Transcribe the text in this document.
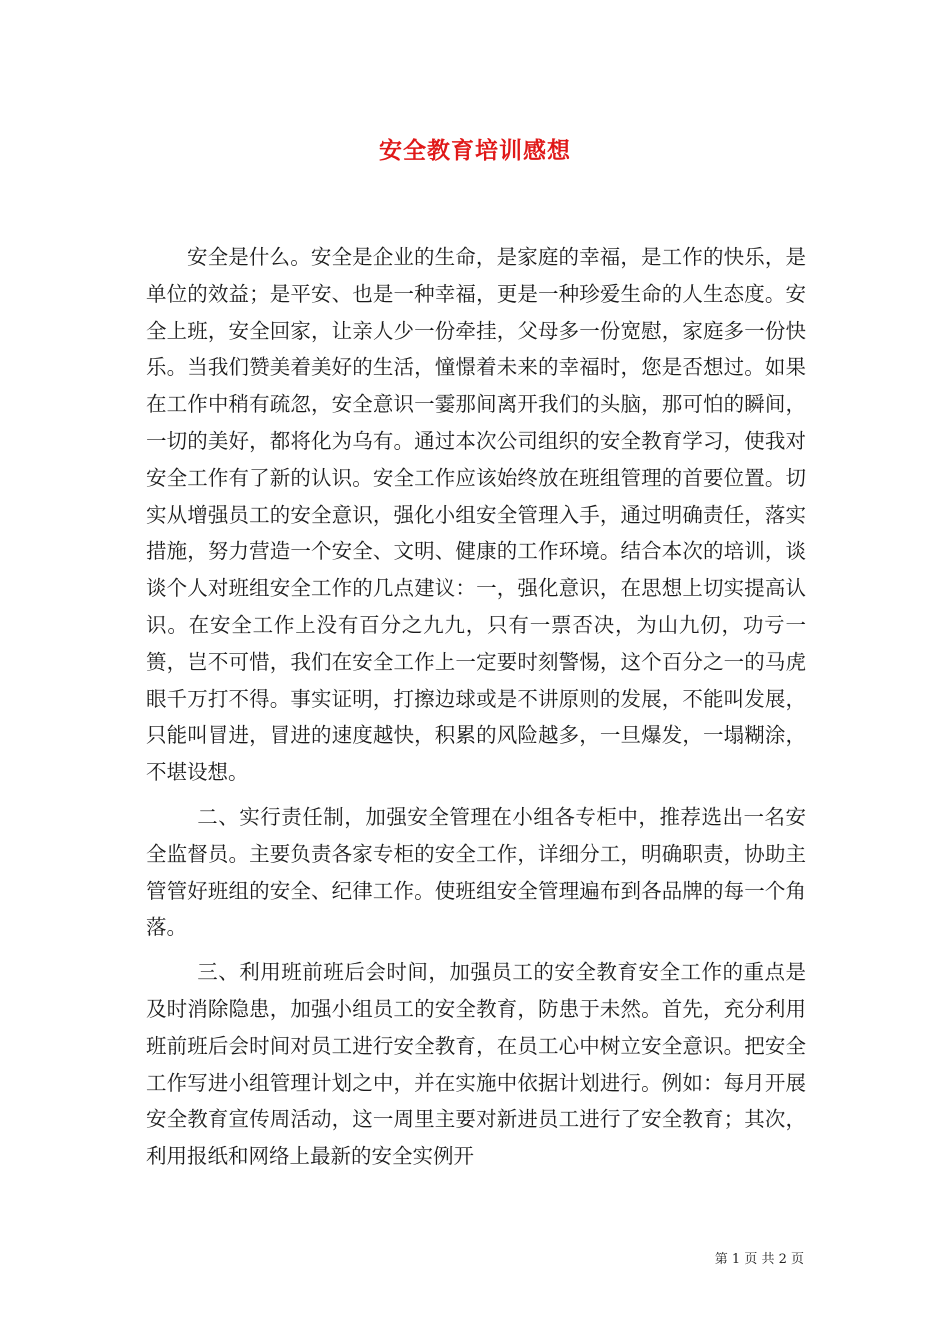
安全教育培训感想

安全是什么。安全是企业的生命，是家庭的幸福，是工作的快乐，是单位的效益；是平安、也是一种幸福，更是一种珍爱生命的人生态度。安全上班，安全回家，让亲人少一份牵挂，父母多一份宽慰，家庭多一份快乐。当我们赞美着美好的生活，憧憬着未来的幸福时，您是否想过。如果在工作中稍有疏忽，安全意识一霎那间离开我们的头脑，那可怕的瞬间，一切的美好，都将化为乌有。通过本次公司组织的安全教育学习，使我对安全工作有了新的认识。安全工作应该始终放在班组管理的首要位置。切实从增强员工的安全意识，强化小组安全管理入手，通过明确责任，落实措施，努力营造一个安全、文明、健康的工作环境。结合本次的培训，谈谈个人对班组安全工作的几点建议：一，强化意识，在思想上切实提高认识。在安全工作上没有百分之九九，只有一票否决，为山九仞，功亏一篑，岂不可惜，我们在安全工作上一定要时刻警惕，这个百分之一的马虎眼千万打不得。事实证明，打擦边球或是不讲原则的发展，不能叫发展，只能叫冒进，冒进的速度越快，积累的风险越多，一旦爆发，一塌糊涂，不堪设想。

二、实行责任制，加强安全管理在小组各专柜中，推荐选出一名安全监督员。主要负责各家专柜的安全工作，详细分工，明确职责，协助主管管好班组的安全、纪律工作。使班组安全管理遍布到各品牌的每一个角落。

三、利用班前班后会时间，加强员工的安全教育安全工作的重点是及时消除隐患，加强小组员工的安全教育，防患于未然。首先，充分利用班前班后会时间对员工进行安全教育，在员工心中树立安全意识。把安全工作写进小组管理计划之中，并在实施中依据计划进行。例如：每月开展安全教育宣传周活动，这一周里主要对新进员工进行了安全教育；其次，利用报纸和网络上最新的安全实例开

第 1 页 共 2 页
